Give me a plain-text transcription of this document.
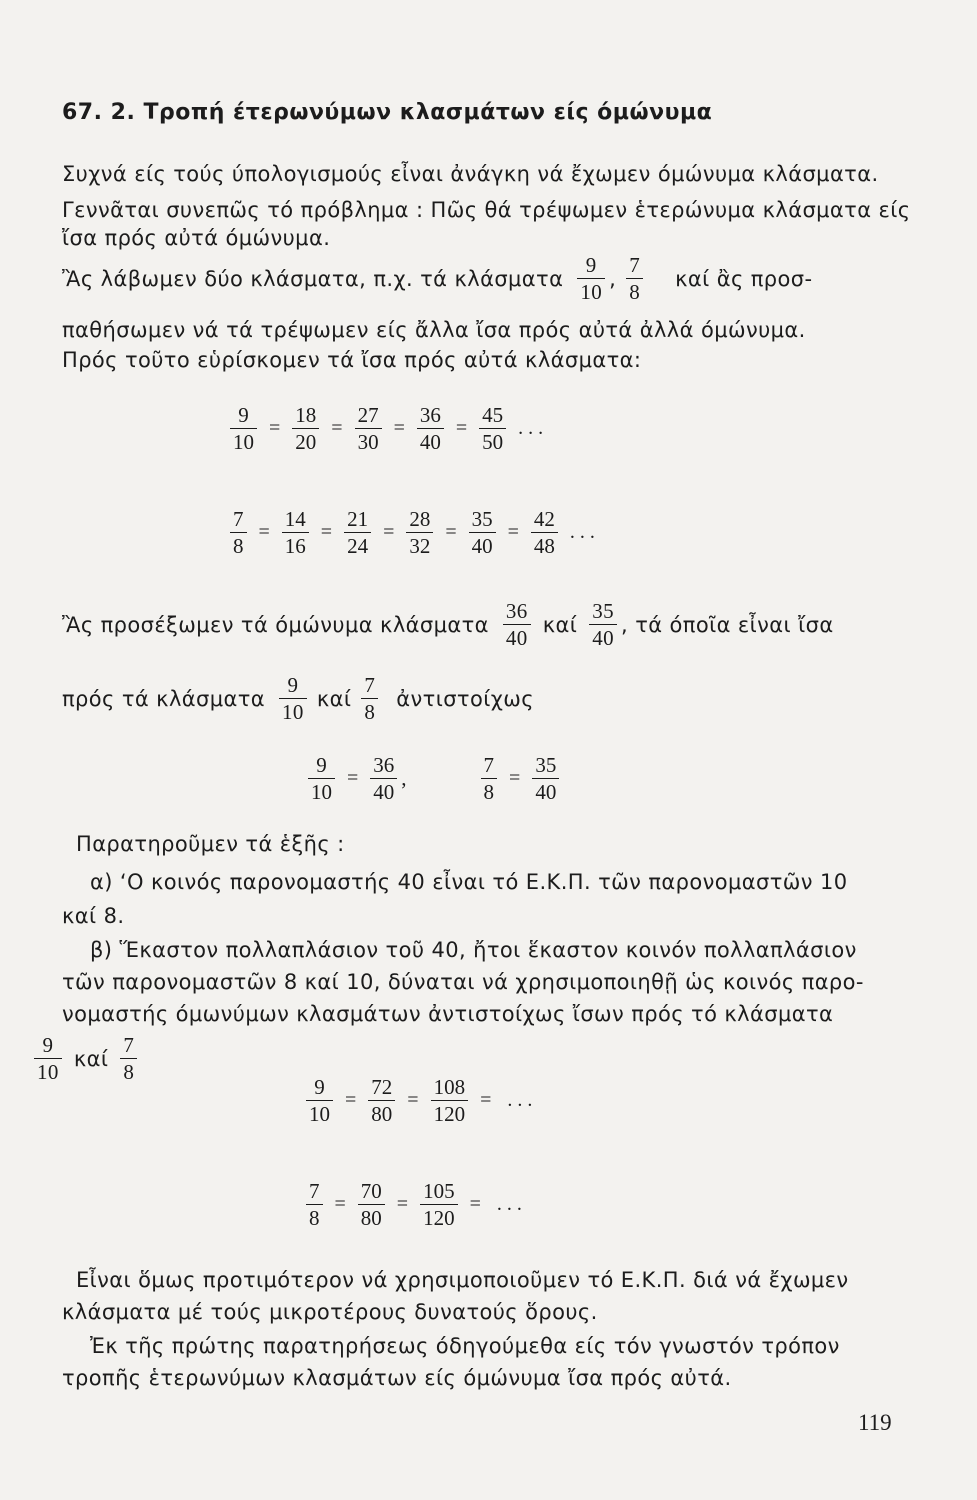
67. 2. Τροπή έτερωνύμων κλασμάτων είς όμώνυμα
Συχνά είς τούς ύπολογισμούς εἶναι ἀνάγκη νά ἔχωμεν όμώνυμα κλάσματα.
Γεννᾶται συνεπῶς τό πρόβλημα : Πῶς θά τρέψωμεν ἑτερώνυμα κλάσματα είς
ἴσα πρός αὐτά όμώνυμα.
Ἂς λάβωμεν δύο κλάσματα, π.χ. τά κλάσματα $\frac{9}{10}$ , $\frac{7}{8}$ καί ἂς προσ-
παθήσωμεν νά τά τρέψωμεν είς ἄλλα ἴσα πρός αὐτά ἀλλά όμώνυμα.
Πρός τοῦτο εὑρίσκομεν τά ἴσα πρός αὐτά κλάσματα:
$\frac{9}{10} = \frac{18}{20} = \frac{27}{30} = \frac{36}{40} = \frac{45}{50}$ . . .
$\frac{7}{8} = \frac{14}{16} = \frac{21}{24} = \frac{28}{32} = \frac{35}{40} = \frac{42}{48}$ . . .
Ἂς προσέξωμεν τά όμώνυμα κλάσματα $\frac{36}{40}$ καί $\frac{35}{40}$ , τά όποῖα εἶναι ἴσα
πρός τά κλάσματα $\frac{9}{10}$ καί $\frac{7}{8}$ ἀντιστοίχως
$\frac{9}{10} = \frac{36}{40}$ ,	$\frac{7}{8} = \frac{35}{40}$
Παρατηροῦμεν τά ἑξῆς :
α) ‘Ο κοινός παρονομαστής 40 εἶναι τό Ε.Κ.Π. τῶν παρονομαστῶν 10
καί 8.
β) Ἕκαστον πολλαπλάσιον τοῦ 40, ἤτοι ἕκαστον κοινόν πολλαπλάσιον
τῶν παρονομαστῶν 8 καί 10, δύναται νά χρησιμοποιηθῇ ὡς κοινός παρο-
νομαστής όμωνύμων κλασμάτων ἀντιστοίχως ἴσων πρός τό κλάσματα
$\frac{9}{10}$ καί $\frac{7}{8}$
$\frac{9}{10} = \frac{72}{80} = \frac{108}{120}$ = . . .
$\frac{7}{8} = \frac{70}{80} = \frac{105}{120}$ = . . .
Εἶναι ὅμως προτιμότερον νά χρησιμοποιοῦμεν τό Ε.Κ.Π. διά νά ἔχωμεν
κλάσματα μέ τούς μικροτέρους δυνατούς ὅρους.
Ἐκ τῆς πρώτης παρατηρήσεως όδηγούμεθα είς τόν γνωστόν τρόπον
τροπῆς ἑτερωνύμων κλασμάτων είς όμώνυμα ἴσα πρός αὐτά.
119
